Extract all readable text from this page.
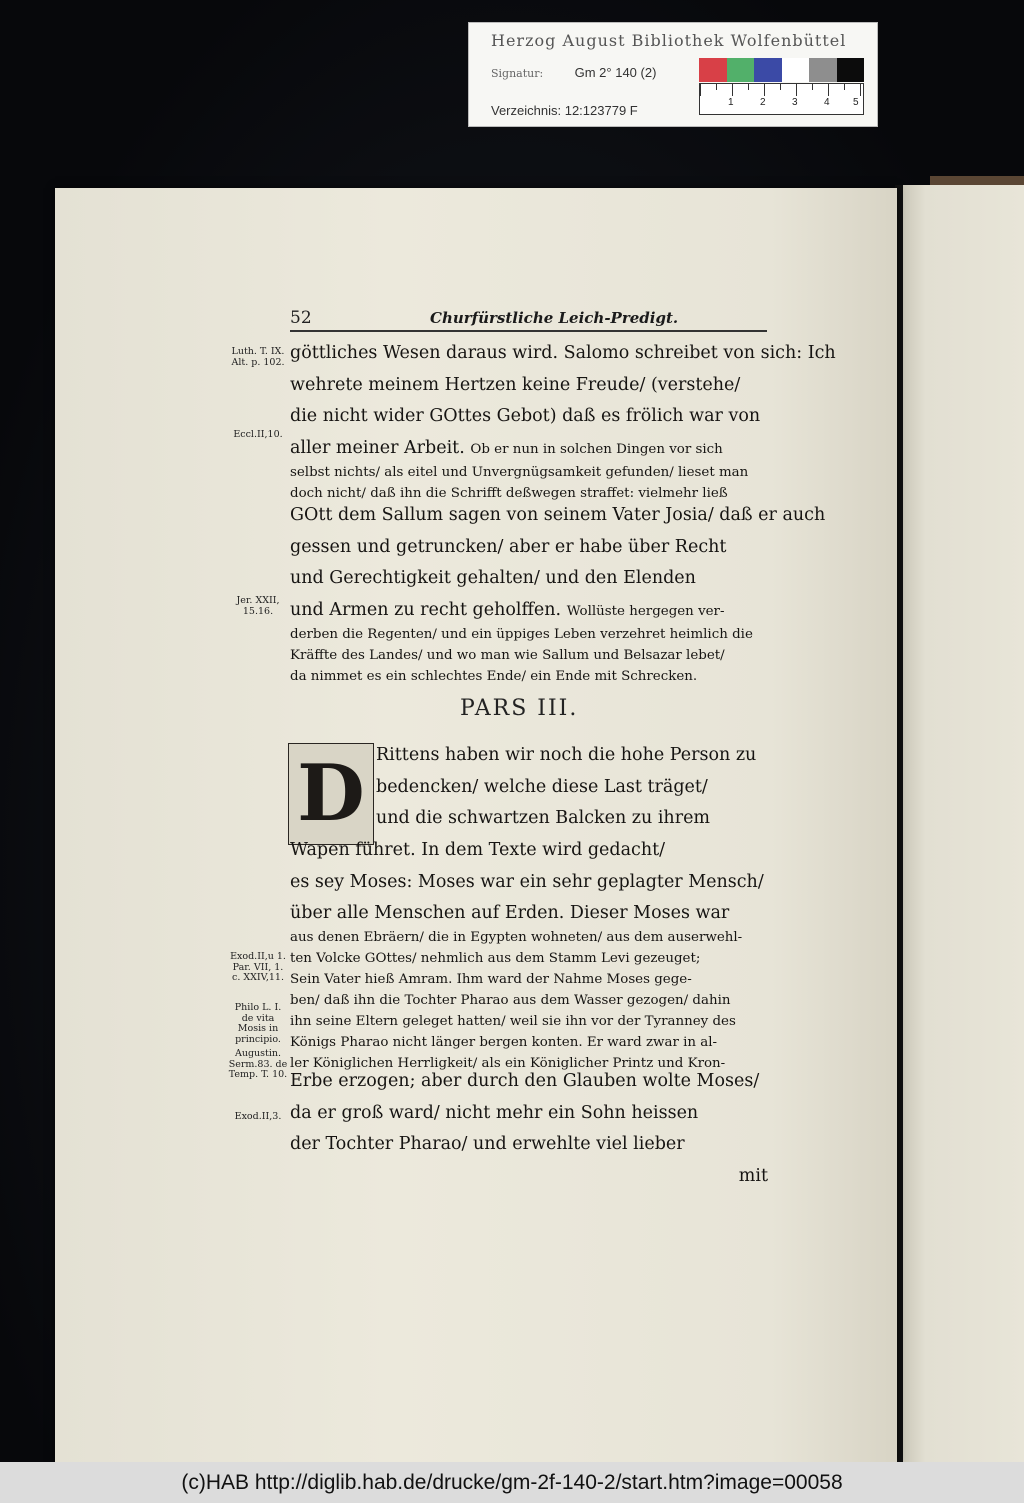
Herzog August Bibliothek Wolfenbüttel
Signatur: Gm 2° 140 (2)
Verzeichnis: 12:123779 F
1	2	3	4 5
52	Churfürstliche Leich-Predigt.
göttliches Wesen daraus wird. Salomo schreibet von sich: Ich
wehrete meinem Hertzen keine Freude/ (verstehe/
die nicht wider GOttes Gebot) daß es frölich war von
aller meiner Arbeit. Ob er nun in solchen Dingen vor sich
selbst nichts/ als eitel und Unvergnügsamkeit gefunden/ lieset man
doch nicht/ daß ihn die Schrifft deßwegen straffet: vielmehr ließ
GOtt dem Sallum sagen von seinem Vater Josia/ daß er auch
gessen und getruncken/ aber er habe über Recht
und Gerechtigkeit gehalten/ und den Elenden
und Armen zu recht geholffen. Wollüste hergegen ver-
derben die Regenten/ und ein üppiges Leben verzehret heimlich die
Kräffte des Landes/ und wo man wie Sallum und Belsazar lebet/
da nimmet es ein schlechtes Ende/ ein Ende mit Schrecken.
PARS III.
D Rittens haben wir noch die hohe Person zu
bedencken/ welche diese Last träget/
und die schwartzen Balcken zu ihrem
Wapen führet. In dem Texte wird gedacht/
es sey Moses: Moses war ein sehr geplagter Mensch/
über alle Menschen auf Erden. Dieser Moses war
aus denen Ebräern/ die in Egypten wohneten/ aus dem auserwehl-
ten Volcke GOttes/ nehmlich aus dem Stamm Levi gezeuget;
Sein Vater hieß Amram. Ihm ward der Nahme Moses gege-
ben/ daß ihn die Tochter Pharao aus dem Wasser gezogen/ dahin
ihn seine Eltern geleget hatten/ weil sie ihn vor der Tyranney des
Königs Pharao nicht länger bergen konten. Er ward zwar in al-
ler Königlichen Herrligkeit/ als ein Königlicher Printz und Kron-
Erbe erzogen; aber durch den Glauben wolte Moses/
da er groß ward/ nicht mehr ein Sohn heissen
der Tochter Pharao/ und erwehlte viel lieber
mit
Luth. T. IX. Alt. p. 102.
Eccl.II,10.
Jer. XXII, 15.16.
Exod.II,u 1. Par. VII, 1. c. XXIV,11.
Philo L. I. de vita Mosis in principio.
Augustin. Serm.83. de Temp. T. 10.
Exod.II,3.
(c)HAB http://diglib.hab.de/drucke/gm-2f-140-2/start.htm?image=00058
